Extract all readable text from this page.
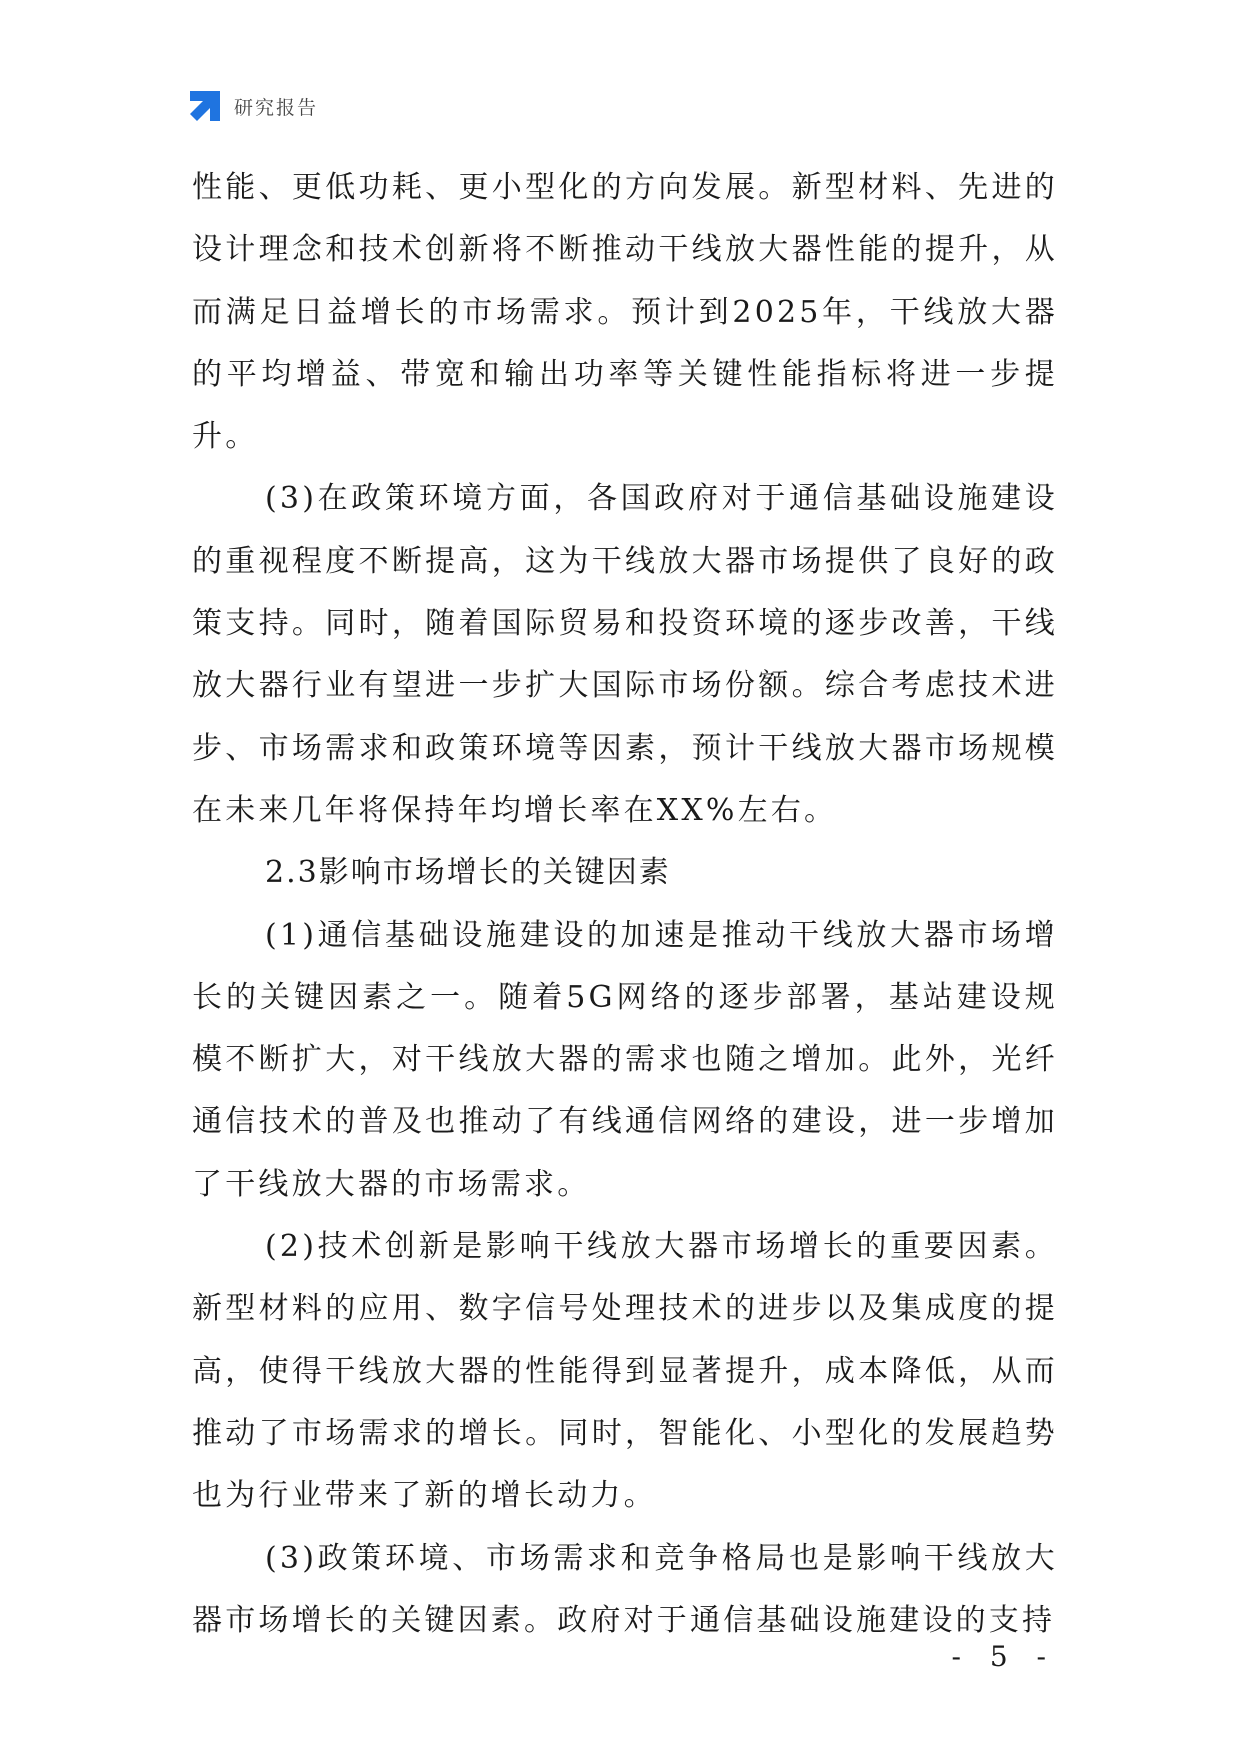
研究报告

性能、更低功耗、更小型化的方向发展。新型材料、先进的设计理念和技术创新将不断推动干线放大器性能的提升，从而满足日益增长的市场需求。预计到2025年，干线放大器的平均增益、带宽和输出功率等关键性能指标将进一步提升。

(3)在政策环境方面，各国政府对于通信基础设施建设的重视程度不断提高，这为干线放大器市场提供了良好的政策支持。同时，随着国际贸易和投资环境的逐步改善，干线放大器行业有望进一步扩大国际市场份额。综合考虑技术进步、市场需求和政策环境等因素，预计干线放大器市场规模在未来几年将保持年均增长率在XX%左右。

2.3影响市场增长的关键因素

(1)通信基础设施建设的加速是推动干线放大器市场增长的关键因素之一。随着5G网络的逐步部署，基站建设规模不断扩大，对干线放大器的需求也随之增加。此外，光纤通信技术的普及也推动了有线通信网络的建设，进一步增加了干线放大器的市场需求。

(2)技术创新是影响干线放大器市场增长的重要因素。新型材料的应用、数字信号处理技术的进步以及集成度的提高，使得干线放大器的性能得到显著提升，成本降低，从而推动了市场需求的增长。同时，智能化、小型化的发展趋势也为行业带来了新的增长动力。

(3)政策环境、市场需求和竞争格局也是影响干线放大器市场增长的关键因素。政府对于通信基础设施建设的支持

- 5 -
